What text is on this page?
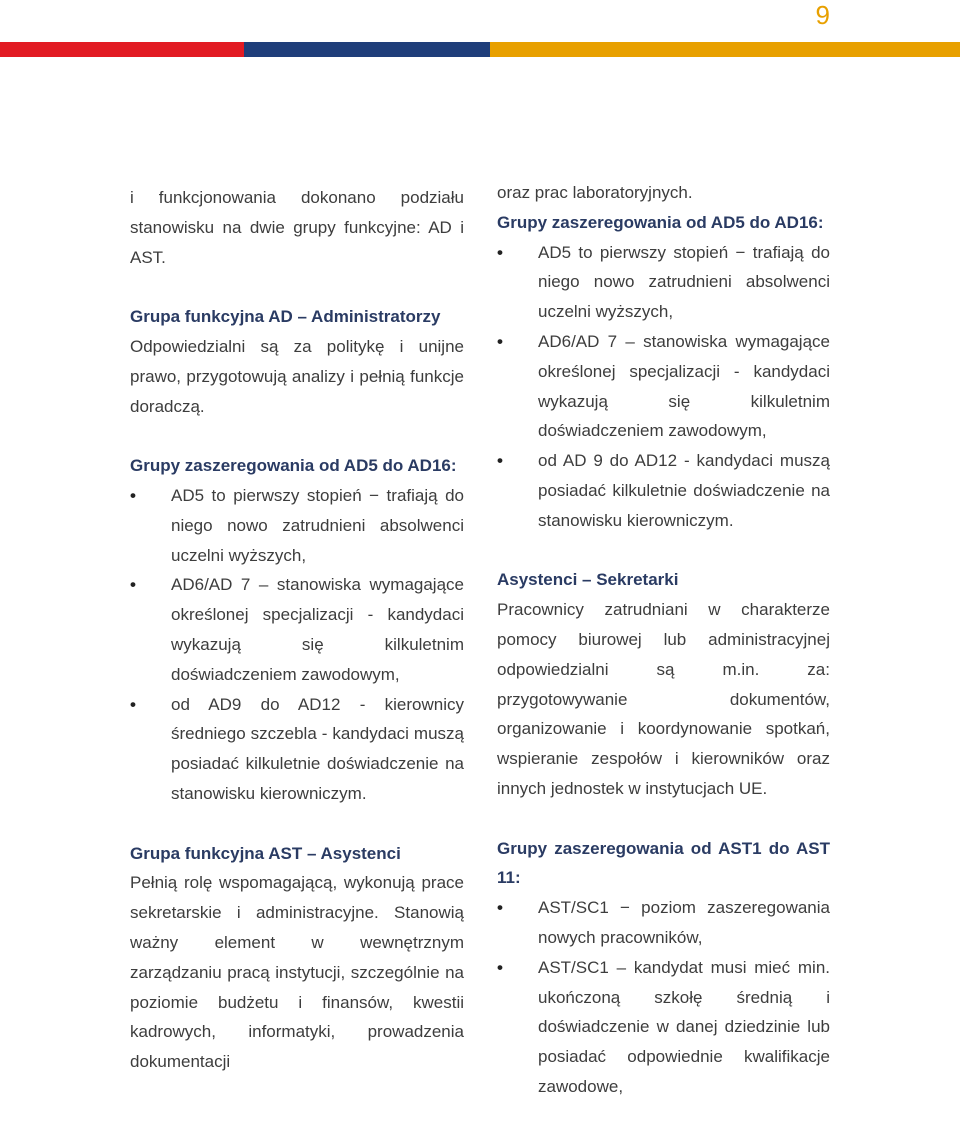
9

i funkcjonowania dokonano podziału stanowisku na dwie grupy funkcyjne: AD i AST.

Grupa funkcyjna AD – Administratorzy

Odpowiedzialni są za politykę i unijne prawo, przygotowują analizy i pełnią funkcje doradczą.

Grupy zaszeregowania od AD5 do AD16:

• AD5 to pierwszy stopień − trafiają do niego nowo zatrudnieni absolwenci uczelni wyższych,
• AD6/AD 7 – stanowiska wymagające określonej specjalizacji - kandydaci wykazują się kilkuletnim doświadczeniem zawodowym,
• od AD9 do AD12 - kierownicy średniego szczebla - kandydaci muszą posiadać kilkuletnie doświadczenie na stanowisku kierowniczym.

Grupa funkcyjna AST – Asystenci

Pełnią rolę wspomagającą, wykonują prace sekretarskie i administracyjne. Stanowią ważny element w wewnętrznym zarządzaniu pracą instytucji, szczególnie na poziomie budżetu i finansów, kwestii kadrowych, informatyki, prowadzenia dokumentacji

oraz prac laboratoryjnych.

Grupy zaszeregowania od AD5 do AD16:

• AD5 to pierwszy stopień − trafiają do niego nowo zatrudnieni absolwenci uczelni wyższych,
• AD6/AD 7 – stanowiska wymagające określonej specjalizacji - kandydaci wykazują się kilkuletnim doświadczeniem zawodowym,
• od AD 9 do AD12 - kandydaci muszą posiadać kilkuletnie doświadczenie na stanowisku kierowniczym.

Asystenci – Sekretarki

Pracownicy zatrudniani w charakterze pomocy biurowej lub administracyjnej odpowiedzialni są m.in. za: przygotowywanie dokumentów, organizowanie i koordynowanie spotkań, wspieranie zespołów i kierowników oraz innych jednostek w instytucjach UE.

Grupy zaszeregowania od AST1 do AST 11:

• AST/SC1 − poziom zaszeregowania nowych pracowników,
• AST/SC1 – kandydat musi mieć min. ukończoną szkołę średnią i doświadczenie w danej dziedzinie lub posiadać odpowiednie kwalifikacje zawodowe,
